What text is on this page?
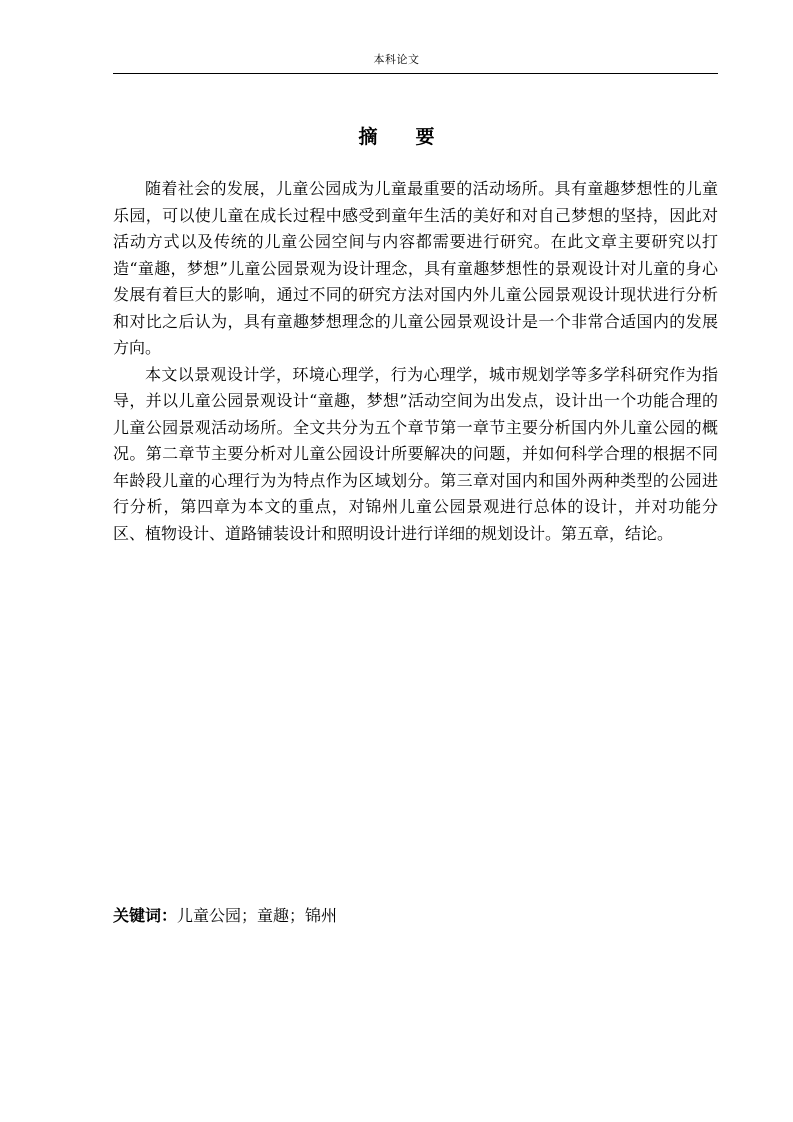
本科论文
摘要

随着社会的发展，儿童公园成为儿童最重要的活动场所。具有童趣梦想性的儿童乐园，可以使儿童在成长过程中感受到童年生活的美好和对自己梦想的坚持，因此对活动方式以及传统的儿童公园空间与内容都需要进行研究。在此文章主要研究以打造“童趣，梦想”儿童公园景观为设计理念，具有童趣梦想性的景观设计对儿童的身心发展有着巨大的影响，通过不同的研究方法对国内外儿童公园景观设计现状进行分析和对比之后认为，具有童趣梦想理念的儿童公园景观设计是一个非常合适国内的发展方向。

本文以景观设计学，环境心理学，行为心理学，城市规划学等多学科研究作为指导，并以儿童公园景观设计“童趣，梦想”活动空间为出发点，设计出一个功能合理的儿童公园景观活动场所。全文共分为五个章节第一章节主要分析国内外儿童公园的概况。第二章节主要分析对儿童公园设计所要解决的问题，并如何科学合理的根据不同年龄段儿童的心理行为为特点作为区域划分。第三章对国内和国外两种类型的公园进行分析，第四章为本文的重点，对锦州儿童公园景观进行总体的设计，并对功能分区、植物设计、道路铺装设计和照明设计进行详细的规划设计。第五章，结论。

关键词：儿童公园；童趣；锦州
